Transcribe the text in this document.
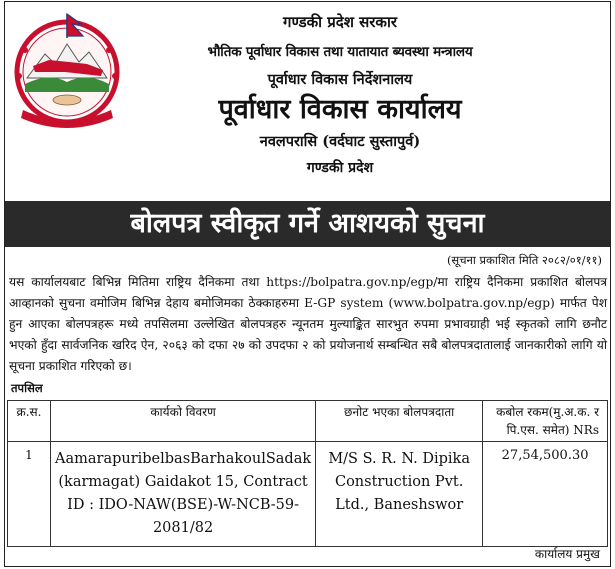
गण्डकी प्रदेश सरकार
भौतिक पूर्वाधार विकास तथा यातायात ब्यवस्था मन्त्रालय
पूर्वाधार विकास निर्देशनालय
पूर्वाधार विकास कार्यालय
नवलपरासि (वर्दघाट सुस्तापुर्व)
गण्डकी प्रदेश
बोलपत्र स्वीकृत गर्ने आशयको सुचना
(सूचना प्रकाशित मिति २०८२/०१/११)
यस कार्यालयबाट बिभिन्न मितिमा राष्ट्रिय दैनिकमा तथा https://bolpatra.gov.np/egp/मा राष्ट्रिय दैनिकमा प्रकाशित बोलपत्र आव्हानको सुचना वमोजिम बिभिन्न देहाय बमोजिमका ठेक्काहरुमा E-GP system (www.bolpatra.gov.np/egp) मार्फत पेश हुन आएका बोलपत्रहरू मध्ये तपसिलमा उल्लेखित बोलपत्रहरु न्यूनतम मुल्याङ्कित सारभुत रुपमा प्रभावग्राही भई स्कृतको लागि छनौट भएको हुँदा सार्वजनिक खरिद ऐन, २०६३ को दफा २७ को उपदफा २ को प्रयोजनार्थ सम्बन्धित सबै बोलपत्रदातालाई जानकारीको लागि यो सूचना प्रकाशित गरिएको छ।
तपसिल
क्र.स.	कार्यको विवरण	छनोट भएका बोलपत्रदाता	कबोल रकम(मु.अ.क. र पि.एस. समेत) NRs
1	AamarapuribelbasBarhakoulSadak (karmagat) Gaidakot 15, Contract ID : IDO-NAW(BSE)-W-NCB-59-2081/82	M/S S. R. N. Dipika Construction Pvt. Ltd., Baneshswor	27,54,500.30
कार्यालय प्रमुख
